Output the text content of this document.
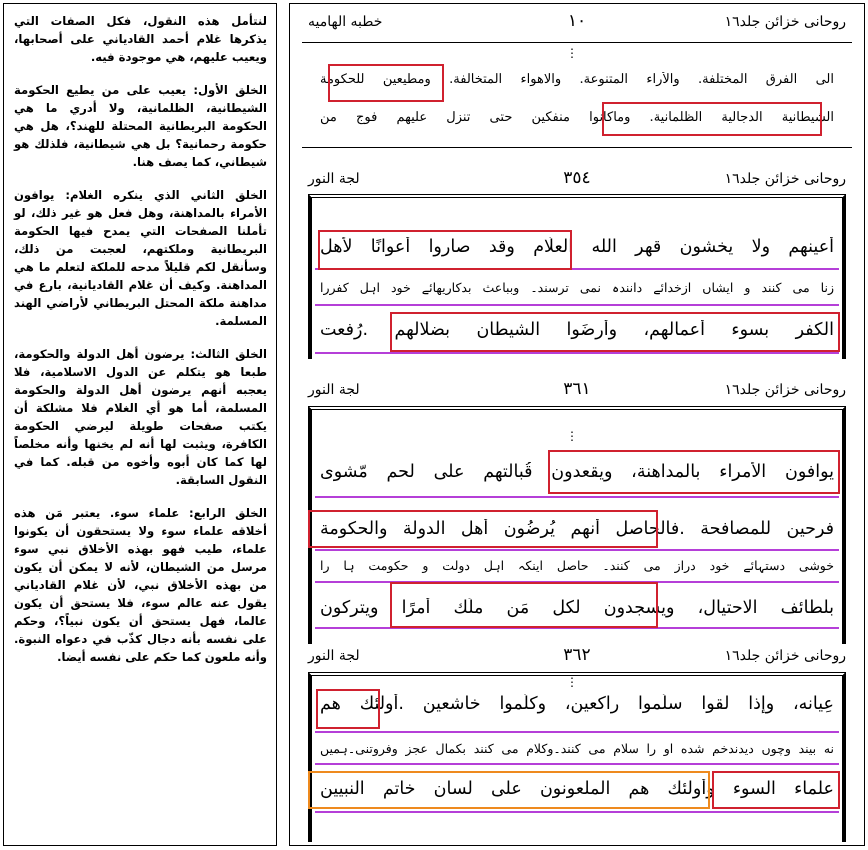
لنتأمل هذه النقول، فكل الصفات التي يذكرها غلام أحمد القادياني على أصحابها، ويعيب عليهم، هي موجودة فيه.

الخلق الأول: يعيب على من يطيع الحكومة الشيطانية، الظلمانية، ولا أدري ما هي الحكومة البريطانية المحتلة للهند؟، هل هي حكومة رحمانية؟ بل هي شيطانية، فلذلك هو شيطاني، كما يصف هنا.

الخلق الثاني الذي ينكره الغلام: يوافون الأمراء بالمداهنة، وهل فعل هو غير ذلك، لو تأملنا الصفحات التي يمدح فيها الحكومة البريطانية وملكتهم، لعجبت من ذلك، وسأنقل لكم قليلاً مدحه للملكة لتعلم ما هي المداهنة. وكيف أن غلام القاديانية، بارع في مداهنة ملكة المحتل البريطاني لأراضي الهند المسلمة.

الخلق الثالث: يرضون أهل الدولة والحكومة، طبعا هو يتكلم عن الدول الاسلامية، فلا يعجبه أنهم يرضون أهل الدولة والحكومة المسلمة، أما هو أي الغلام فلا مشلكة أن يكتب صفحات طويلة ليرضي الحكومة الكافرة، ويثبت لها أنه لم يخنها وأنه مخلصاً لها كما كان أبوه وأخوه من قبله. كما في النقول السابقة.

الخلق الرابع: علماء سوء. يعتبر مَن هذه أخلاقه علماء سوء ولا يستحقون أن يكونوا علماء، طيب فهو بهذه الأخلاق نبي سوء مرسل من الشيطان، لأنه لا يمكن أن يكون من بهذه الأخلاق نبي، لأن غلام القادياني يقول عنه عالم سوء، فلا يستحق أن يكون عالما، فهل يستحق أن يكون نبياً؟، وحكم على نفسه بأنه دجال كذّب في دعواه النبوة. وأنه ملعون كما حكم على نفسه أيضا.

روحانی خزائن جلد١٦
١٠
خطبه الهاميه
⋮
الى الفرق المختلفة. والأراء المتنوعة. والاهواء المتخالفة. ومطيعين للحكومة
الشيطانية الدجالية الظلمانية. وماكانوا منفكين حتى تنزل عليهم فوج من
روحانی خزائن جلد١٦
٣٥٤
لجة النور
أعينهم ولا يخشون قهر الله العلّام وقد صاروا أعوانًا لأهل
زنا می کنند و ایشاں ازخدائے دانندہ نمی ترسند۔ وبباعث بدکاریهائے خود اہل کفررا
الكفر بسوء أعمالهم، وأرضَوا الشيطان بضلالهم .رُفعت
روحانی خزائن جلد١٦
٣٦١
لجة النور
⋮
يوافون الأمراء بالمداهنة، ويقعدون قُبالتهم على لحم مّشوى
فرحين للمصافحة .فالحاصل أنهم يُرضُون أهل الدولة والحكومة
خوشی دستہائے خود دراز می کنند۔ حاصل اینکہ اہل دولت و حکومت ہا را
بلطائف الاحتيال، ويسجدون لكل مَن ملَك أمرًا ويتركون
روحانی خزائن جلد١٦
٣٦٢
لجة النور
⋮
عِيانه، وإذا لقوا سلّموا راكعين، وكلّموا خاشعين .أولئك هم
نه بیند وچوں دیدندخم شده او را سلام می کنند۔وکلام می کنند بکمال عجز وفروتنی۔ہمیں
علماء السوء وأولئك هم الملعونون على لسان خاتم النبيين
